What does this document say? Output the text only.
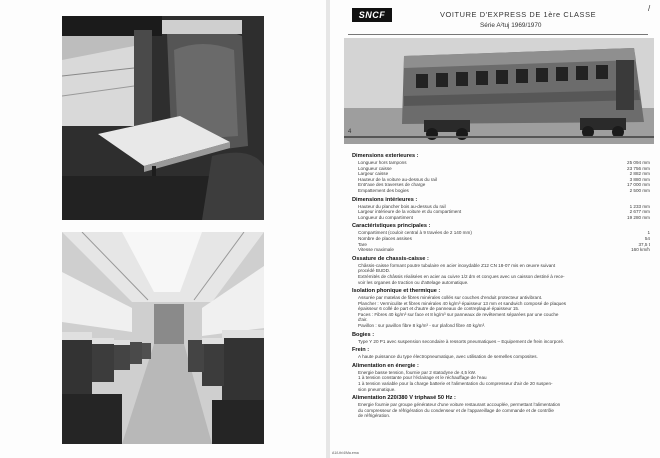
SNCF	VOITURE D'EXPRESS DE 1ère CLASSE
Série A²tuj 1969/1970
/
4
Dimensions exterieures :
Longueur hors tampons	25 094 mm
Longueur caisse	23 756 mm
Largeur caisse	2 882 mm
Hauteur de la voiture au-dessus du rail	3 880 mm
Entr'axe des traverses de charge	17 000 mm
Empattement des bogies	2 500 mm
Dimensions intérieures :
Hauteur du plancher bois au-dessus du rail	1 233 mm
Largeur intérieure de la voiture et du compartiment	2 677 mm
Longueur du compartiment	19 280 mm
Caractéristiques principales :
Compartiment (couloir central à 9 travées de 2 140 mm)	1
Nombre de places assises	54
Tare	37,5 t
Vitesse maximale	160 km/h
Ossature de chassis-caisse :
Châssis-caisse formant poutre tubulaire en acier inoxydable Z12 CN 18-07 mis en œuvre suivant
procédé BUDD.
Extrémités de châssis réalisées en acier au cuivre 1/2 dm et conçues avec un caisson destiné à rece-
voir les organes de traction ou d'attelage automatique.
Isolation phonique et thermique :
Assurée par matelas de fibres minérales collés sur couches d'enduit protecteur antivibrant.
Plancher : Vermiculite et fibres minérales 40 kg/m³ épaisseur 13 mm et sandwich composé de plaques
épaisseur 6 collé de part et d'autre de panneaux de contreplaqué épaisseur 15.
Faces : Fibres 40 kg/m³ sur face et 8 kg/m³ sur panneaux de revêtement séparées par une couche
d'air.
Pavillon : sur pavillon fibre 8 kg/m³ - sur plafond fibre 40 kg/m³.
Bogies :
Type Y 20 P1 avec suspension secondaire à ressorts pneumatiques – Equipement de frein incorporé.
Frein :
A haute puissance du type électropneumatique, avec utilisation de semelles composites.
Alimentation en énergie :
Energie basse tension, fournie par 2 statodyne de 4,5 kW.
1 à tension constante pour l'éclairage et le réchauffage de l'eau
1 à tension variable pour la charge batterie et l'alimentation du compresseur d'air de 20 suspen-
sion pneumatique.
Alimentation 220/380 V triphasé 50 Hz :
Energie fournie par groupe générateur d'une voiture restaurant accouplée, permettant l'alimentation
du compresseur de réfrigération du condenseur et de l'appareillage de commande et de contrôle
de réfrigération.
A1/Lth/4/Ma.ema
